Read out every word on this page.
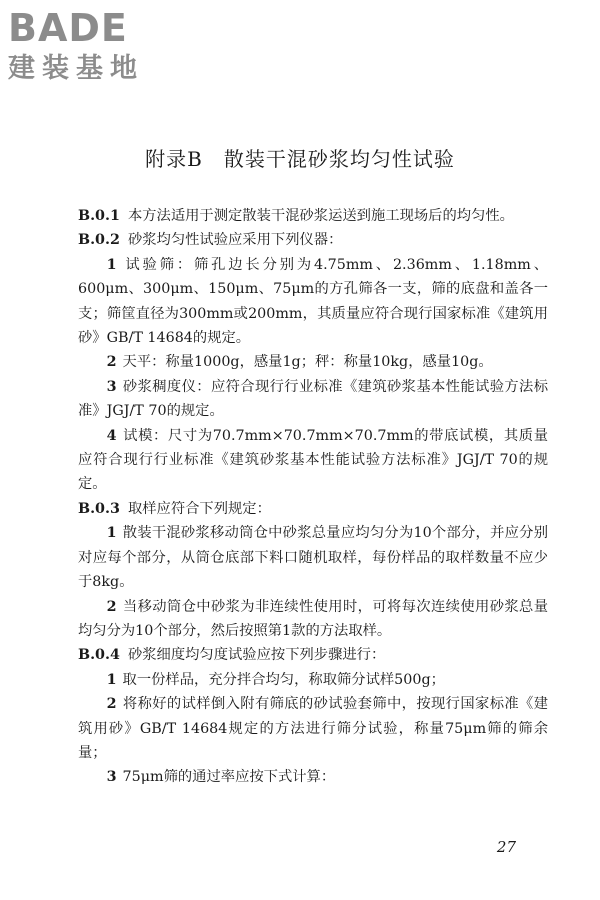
BADE
建装基地
附录B　散装干混砂浆均匀性试验

B.0.1 本方法适用于测定散装干混砂浆运送到施工现场后的均匀性。

B.0.2 砂浆均匀性试验应采用下列仪器：

1 试验筛：筛孔边长分别为4.75mm、2.36mm、1.18mm、600μm、300μm、150μm、75μm的方孔筛各一支，筛的底盘和盖各一支；筛筐直径为300mm或200mm，其质量应符合现行国家标准《建筑用砂》GB/T 14684的规定。

2 天平：称量1000g，感量1g；秤：称量10kg，感量10g。

3 砂浆稠度仪：应符合现行行业标准《建筑砂浆基本性能试验方法标准》JGJ/T 70的规定。

4 试模：尺寸为70.7mm×70.7mm×70.7mm的带底试模，其质量应符合现行行业标准《建筑砂浆基本性能试验方法标准》JGJ/T 70的规定。

B.0.3 取样应符合下列规定：

1 散装干混砂浆移动筒仓中砂浆总量应均匀分为10个部分，并应分别对应每个部分，从筒仓底部下料口随机取样，每份样品的取样数量不应少于8kg。

2 当移动筒仓中砂浆为非连续性使用时，可将每次连续使用砂浆总量均匀分为10个部分，然后按照第1款的方法取样。

B.0.4 砂浆细度均匀度试验应按下列步骤进行：

1 取一份样品，充分拌合均匀，称取筛分试样500g；

2 将称好的试样倒入附有筛底的砂试验套筛中，按现行国家标准《建筑用砂》GB/T 14684规定的方法进行筛分试验，称量75μm筛的筛余量；

3 75μm筛的通过率应按下式计算：

27
